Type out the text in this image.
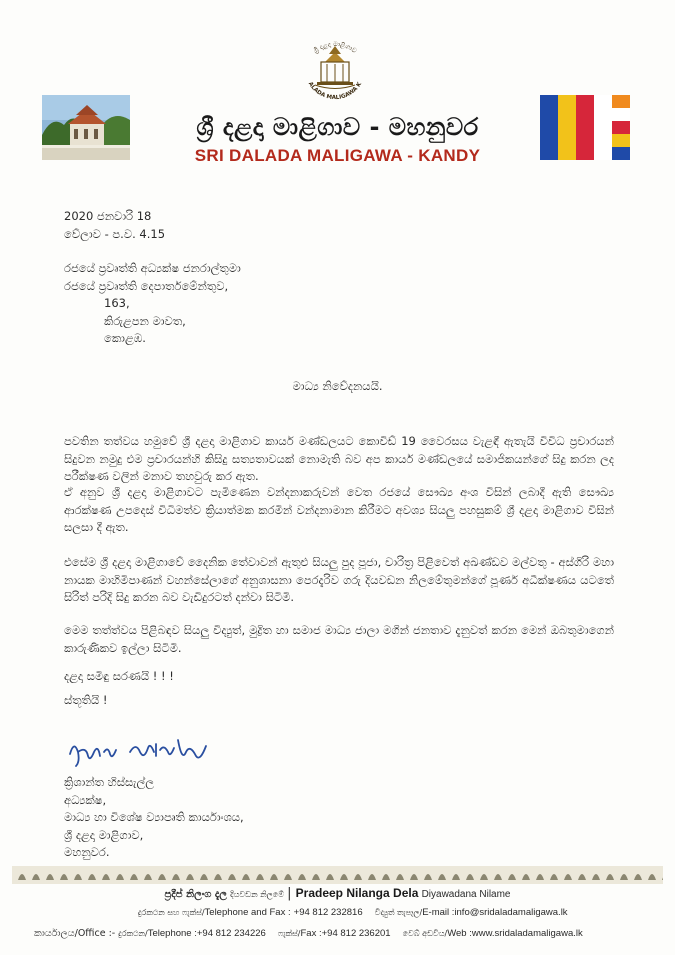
ශ්‍රී දළදා මාළිගාව
ALADA MALIGAWA K
ශ්‍රී දළදා මාළිගාව - මහනුවර
SRI DALADA MALIGAWA - KANDY
2020 ජනවාරි 18
වේලාව - ප.ව. 4.15
රජයේ ප්‍රවෘත්ති අධ්‍යක්ෂ ජනරාල්තුමා
රජයේ ප්‍රවෘත්ති දෙපාර්තමේන්තුව,
163,
කිරුළපන මාවත,
කොළඹ.
මාධ්‍ය නිවේදනයයි.
පවතින තත්වය හමුවේ ශ්‍රී දළදා මාළිගාව කාර්ය මණ්ඩලයට කොවිඩ් 19 වෛරසය වැළඳී ඇතැයි විවිධ ප්‍රචාරයන් සිදුවන නමුදු එම ප්‍රචාරයන්හි කිසිදු සත්‍යතාවයක් නොමැති බව අප කාර්ය මණ්ඩලයේ සමාජිකයන්ගේ සිදු කරන ලද පරීක්ෂණ වලින් මනාව තහවුරු කර ඇත.
ඒ අනුව ශ්‍රී දළදා මාළිගාවට පැමිණෙන වන්දනාකරුවන් වෙත රජයේ සෞඛ්‍ය අංශ විසින් ලබාදී ඇති සෞඛ්‍ය ආරක්ෂණ උපදෙස් විධිමත්ව ක්‍රියාත්මක කරමින් වන්දනාමාන කිරීමට අවශ්‍ය සියලු පහසුකම් ශ්‍රී දළදා මාළිගාව විසින් සලසා දී ඇත.
එසේම ශ්‍රී දළදා මාළිගාවේ දෛනික තේවාවන් ඇතුළු සියලු පුද පූජා, චාරිත්‍ර පිළිවෙත් අඛණ්ඩව මල්වතු - අස්ගිරි මහා නායක මාහිමිපාණන් වහන්සේලාගේ අනුශාසනා පෙරදැරිව ගරු දියවඩන නිලමේතුමන්ගේ පූර්ණ අධීක්ෂණය යටතේ සිරිත් පරිදි සිදු කරන බව වැඩිදුරටත් දන්වා සිටිමි.
මෙම තත්ත්වය පිළිබඳව සියලු විද්‍යුත්, මුද්‍රිත හා සමාජ මාධ්‍ය ජාලා මගින් ජනතාව දැනුවත් කරන මෙන් ඔබතුමාගෙන් කාරුණිකව ඉල්ලා සිටිමි.
දළදා සමිඳු සරණයි ! ! !
ස්තූතියි !
ක්‍රිශාන්ත හිස්සැල්ල
අධ්‍යක්ෂ,
මාධ්‍ය හා විශේෂ ව්‍යාපෘති කාර්යාංශය,
ශ්‍රී දළදා මාළිගාව,
මහනුවර.
ප්‍රදීප් නිලංග දැල දියවඩන නිලමේ | Pradeep Nilanga Dela Diyawadana Nilame
දුරකථන සහ ෆැක්ස්/Telephone and Fax : +94 812 232816 විද්‍යුත් තැපෑල/E-mail :info@sridaladamaligawa.lk
කාර්යාලය/Office :- දුරකථන/Telephone :+94 812 234226 ෆැක්ස්/Fax :+94 812 236201 වෙබ් අඩවිය/Web :www.sridaladamaligawa.lk
